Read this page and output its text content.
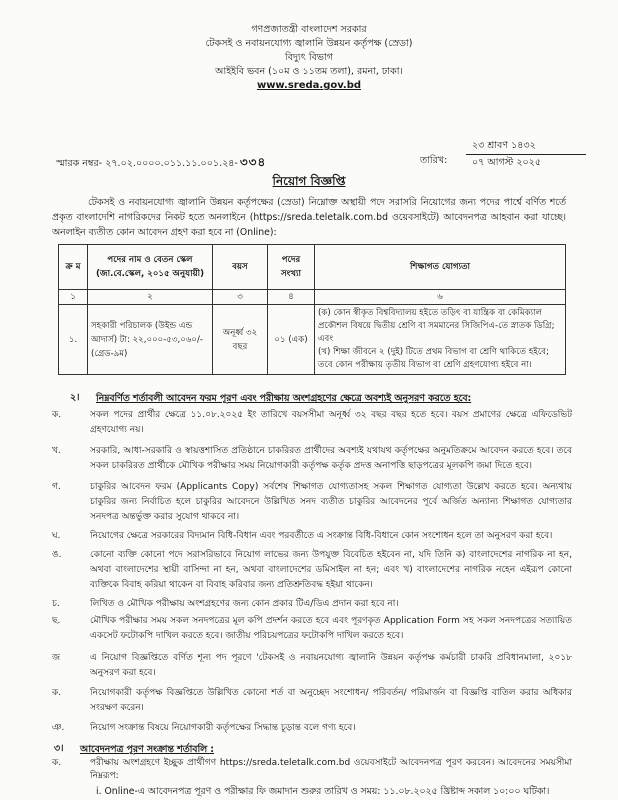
গণপ্রজাতন্ত্রী বাংলাদেশ সরকার
টেকসই ও নবায়নযোগ্য জ্বালানি উন্নয়ন কর্তৃপক্ষ (স্রেডা)
বিদ্যুৎ বিভাগ
আইইবি ভবন (১০ম ও ১১তম তলা), রমনা, ঢাকা।
www.sreda.gov.bd
স্মারক নম্বর- ২৭.০২.০০০০.০১১.১১.০০১.২৪- ৩৩৪	তারিখ:
২৩ শ্রাবণ ১৪৩২
০৭ আগস্ট ২০২৫
নিয়োগ বিজ্ঞপ্তি
টেকসই ও নবায়নযোগ্য জ্বালানি উন্নয়ন কর্তৃপক্ষের (স্রেডা) নিম্নোক্ত অস্থায়ী পদে সরাসরি নিয়োগের জন্য পদের পার্শ্বে বর্ণিত শর্তে প্রকৃত বাংলাদেশি নাগরিকদের নিকট হতে অনলাইনে (https://sreda.teletalk.com.bd ওয়েবসাইটে) আবেদনপত্র আহবান করা যাচ্ছে। অনলাইন ব্যতীত কোন আবেদন গ্রহণ করা হবে না (Online):
ক্র ম	পদের নাম ও বেতন স্কেল (জা.বে.স্কেল, ২০১৫ অনুযায়ী)	বয়স	পদের সংখ্যা	শিক্ষাগত যোগ্যতা
১	২	৩	৪	৬
১.	সহকারী পরিচালক (উইন্ড এন্ড আদার্স) টা: ২২,০০০-৫৩,০৬০/- (গ্রেড-৯ম)	অনূর্ধ্ব ৩২ বছর	০১ (এক)	(ক) কোন স্বীকৃত বিশ্ববিদ্যালয় হইতে তড়িৎ বা যান্ত্রিক বা কেমিক্যাল প্রকৌশল বিষয়ে দ্বিতীয় শ্রেণি বা সমমানের সিজিপিএ-তে স্নাতক ডিগ্রি; এবং
(খ) শিক্ষা জীবনে ২ (দুই) টিতে প্রথম বিভাগ বা শ্রেণি থাকিতে হইবে; তবে কোন পরীক্ষায় তৃতীয় বিভাগ বা শ্রেণি গ্রহণযোগ্য হইবে না।
২। নিম্নবর্ণিত শর্তাবলী আবেদন ফরম পূরণ এবং পরীক্ষায় অংশগ্রহণের ক্ষেত্রে অবশ্যই অনুসরণ করতে হবে:
ক.	সকল পদের প্রার্থীর ক্ষেত্রে ১১.০৮.২০২৫ ইং তারিখে বয়সসীমা অনূর্ধ্ব ৩২ বছর বছর হতে হবে। বয়স প্রমাণের ক্ষেত্রে এফিডেভিট গ্রহণযোগ্য নয়।
খ.	সরকারি, আধা-সরকারি ও স্বায়ত্তশাসিত প্রতিষ্ঠানে চাকরিরত প্রার্থীদের অবশ্যই যথাযথ কর্তৃপক্ষের অনুমতিক্রমে আবেদন করতে হবে। তবে সকল চাকরিরত প্রার্থীকে মৌখিক পরীক্ষার সময় নিয়োগকারী কর্তৃপক্ষ কর্তৃক প্রদত্ত অনাপত্তি ছাড়পত্রের মূলকপি জমা দিতে হবে।
গ.	চাকুরির আবেদন ফরম (Applicants Copy) সর্বশেষ শিক্ষাগত যোগ্যতাসহ সকল শিক্ষাগত যোগ্যতা উল্লেখ করতে হবে। অন্যথায় চাকুরির জন্য নির্বাচিত হলে চাকুরির আবেদনে উল্লিখিত সনদ ব্যতীত চাকুরির আবেদনের পূর্বে অর্জিত অন্যান্য শিক্ষাগত যোগ্যতার সনদপত্র অন্তর্ভুক্ত করার সুযোগ থাকবে না।
ঘ.	নিয়োগের ক্ষেত্রে সরকারের বিদ্যমান বিধি-বিধান এবং পরবর্তীতে এ সংক্রান্ত বিধি-বিধানে কোন সংশোধন হলে তা অনুসরণ করা হবে।
ঙ.	কোনো ব্যক্তি কোনো পদে সরাসরিভাবে নিয়োগ লাভের জন্য উপযুক্ত বিবেচিত হইবেন না, যদি তিনি ক) বাংলাদেশের নাগরিক না হন, অথবা বাংলাদেশের স্থায়ী বাসিন্দা না হন, অথবা বাংলাদেশের ডমিসাইল না হন; এবং খ) বাংলাদেশের নাগরিক নহেন এইরূপ কোনো ব্যক্তিকে বিবাহ করিয়া থাকেন বা বিবাহ করিবার জন্য প্রতিশ্রুতিবদ্ধ হইয়া থাকেন।
চ.	লিখিত ও মৌখিক পরীক্ষায় অংশগ্রহণের জন্য কোন প্রকার টিএ/ডিএ প্রদান করা হবে না।
ছ.	মৌখিক পরীক্ষার সময় সকল সনদপত্রের মূল কপি প্রদর্শন করতে হবে এবং পূরণকৃত Application Form সহ সকল সনদপত্রের সত্যায়িত একসেট ফটোকপি দাখিল করতে হবে। জাতীয় পরিচয়পত্রের ফটোকপি দাখিল করতে হবে।
জ	এ নিয়োগ বিজ্ঞপ্তিতে বর্ণিত শূন্য পদ পূরণে 'টেকসই ও নবায়নযোগ্য জ্বালানি উন্নয়ন কর্তৃপক্ষ কর্মচারী চাকরি প্রবিধানমালা, ২০১৮ অনুসরণ করা হবে।
ক.	নিয়োগকারী কর্তৃপক্ষ বিজ্ঞপ্তিতে উল্লিখিত কোনো শর্ত বা অনুচ্ছেদ সংশোধন/ পরিবর্তন/ পরিমার্জন বা বিজ্ঞপ্তি বাতিল করার অধিকার সংরক্ষণ করেন।
ঞ.	নিয়োগ সংক্রান্ত বিষয়ে নিয়োগকারী কর্তৃপক্ষের সিদ্ধান্ত চূড়ান্ত বলে গণ্য হবে।
৩। আবেদনপত্র পূরণ সংক্রান্ত শর্তাবলি :
ক.	পরীক্ষায় অংশগ্রহণে ইচ্ছুক প্রার্থীগণ https://sreda.teletalk.com.bd ওয়েবসাইটে আবেদনপত্র পূরণ করবেন। আবেদনের সময়সীমা নিম্নরূপ:
i. Online-এ আবেদনপত্র পূরণ ও পরীক্ষার ফি জমাদান শুরুর তারিখ ও সময়: ১১.০৮.২০২৫ খ্রিষ্টাব্দ সকাল ১০:০০ ঘটিকা।
